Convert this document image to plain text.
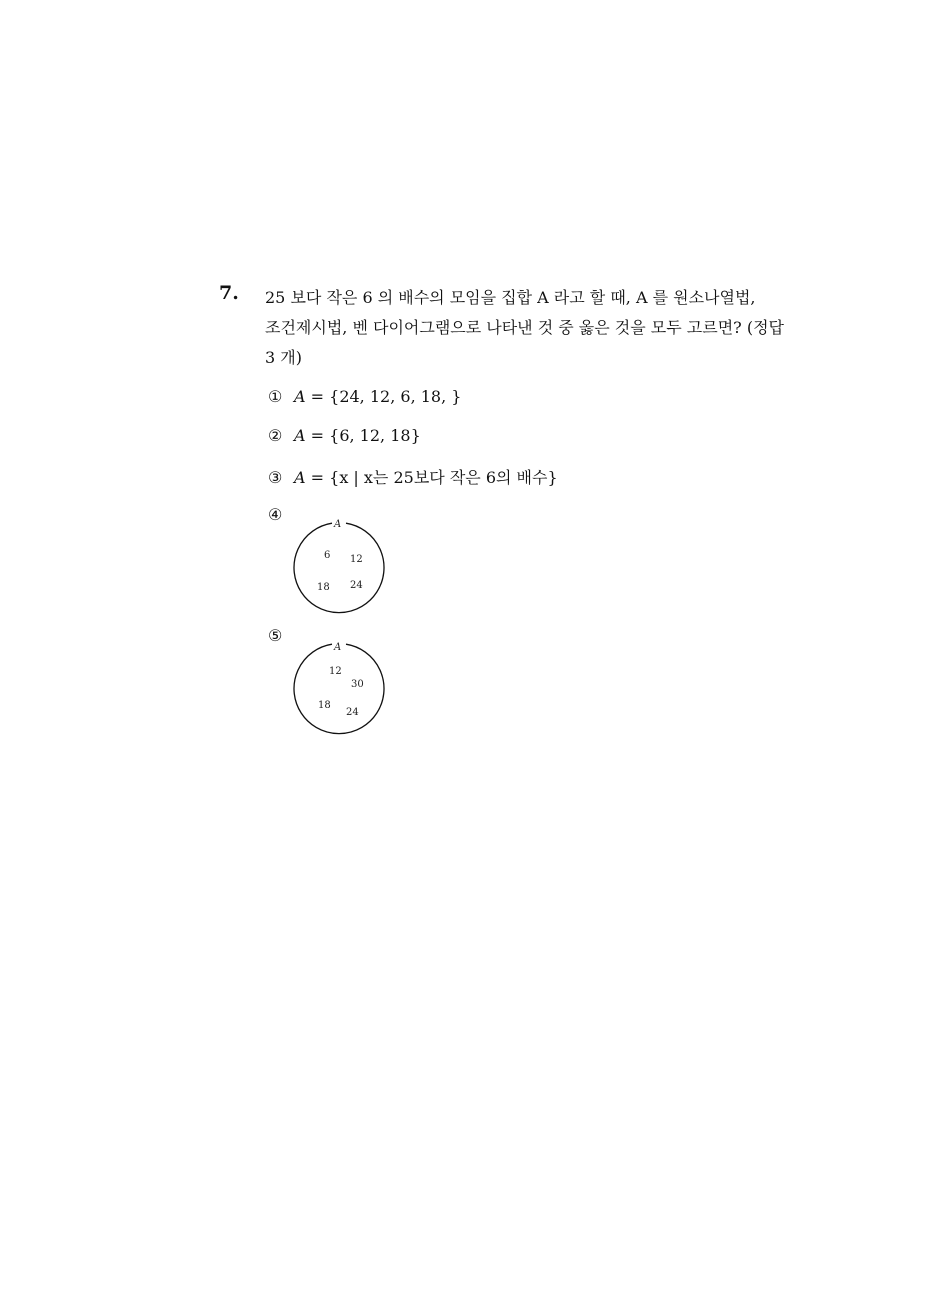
7. 25 보다 작은 6 의 배수의 모임을 집합 A 라고 할 때, A 를 원소나열법,
조건제시법, 벤 다이어그램으로 나타낸 것 중 옳은 것을 모두 고르면? (정답
3 개)
① A = {24, 12, 6, 18, }
② A = {6, 12, 18}
③ A = {x | x는 25보다 작은 6의 배수}
④
A
6 12
18 24
⑤
A
12
30
18
24
